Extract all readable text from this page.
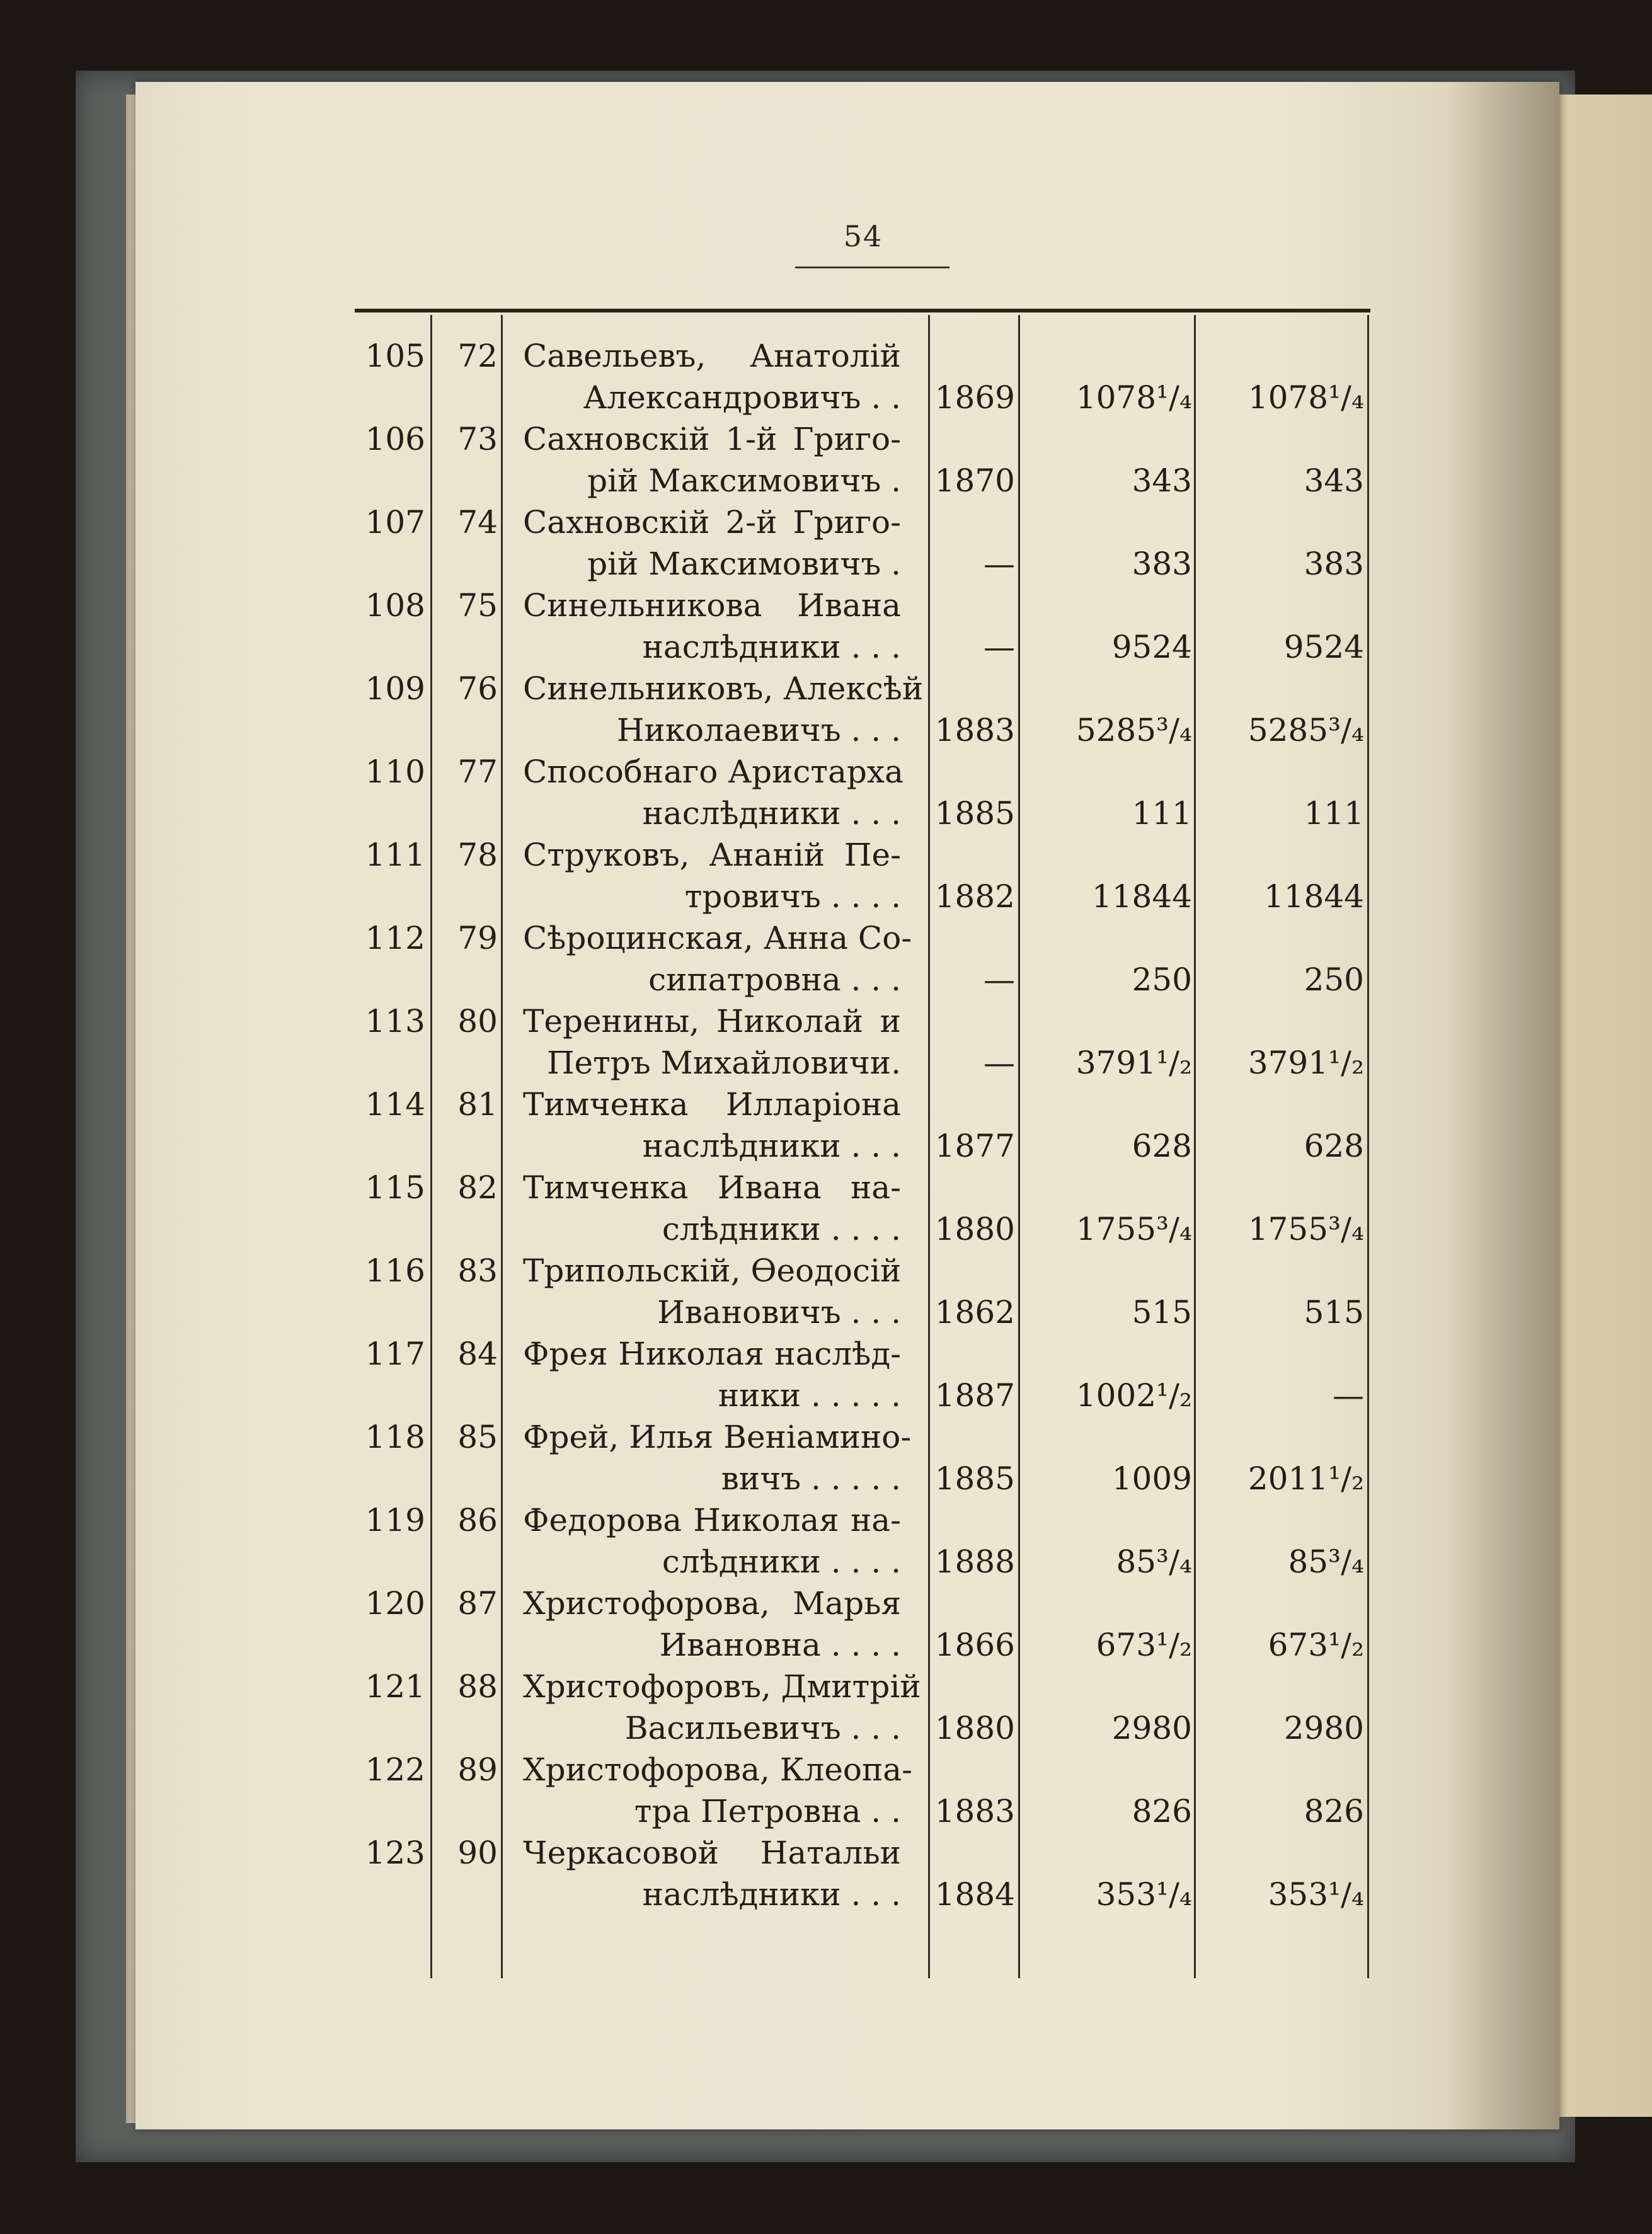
54
105	72 Савельевъ, Анатолій
Александровичъ . . 1869	1078¹/₄	1078¹/₄
106	73 Сахновскій 1-й Григо-
рій Максимовичъ . 1870	343	343
107	74 Сахновскій 2-й Григо-
рій Максимовичъ .	—	383	383
108	75 Синельникова Ивана
наслѣдники . . .	—	9524	9524
109	76 Синельниковъ, Алексѣй
Николаевичъ . . . 1883	5285³/₄	5285³/₄
110	77 Способнаго Аристарха
наслѣдники . . . 1885	111	111
111	78 Струковъ, Ананій Пе-
тровичъ . . . . 1882	11844	11844
112	79 Сѣроцинская, Анна Со-
сипатровна . . .	—	250	250
113	80 Теренины, Николай и
Петръ Михайловичи.	—	3791¹/₂	3791¹/₂
114	81 Тимченка Илларіона
наслѣдники . . . 1877	628	628
115	82 Тимченка Ивана на-
слѣдники . . . . 1880	1755³/₄	1755³/₄
116	83 Трипольскій, Ѳеодосій
Ивановичъ . . . 1862	515	515
117	84 Фрея Николая наслѣд-
ники . . . . . 1887	1002¹/₂	—
118	85 Фрей, Илья Веніамино-
вичъ . . . . . 1885	1009	2011¹/₂
119	86 Федорова Николая на-
слѣдники . . . . 1888	85³/₄	85³/₄
120	87 Христофорова, Марья
Ивановна . . . . 1866	673¹/₂	673¹/₂
121	88 Христофоровъ, Дмитрій
Васильевичъ . . . 1880	2980	2980
122	89 Христофорова, Клеопа-
тра Петровна . . 1883	826	826
123	90 Черкасовой Натальи
наслѣдники . . . 1884	353¹/₄	353¹/₄
